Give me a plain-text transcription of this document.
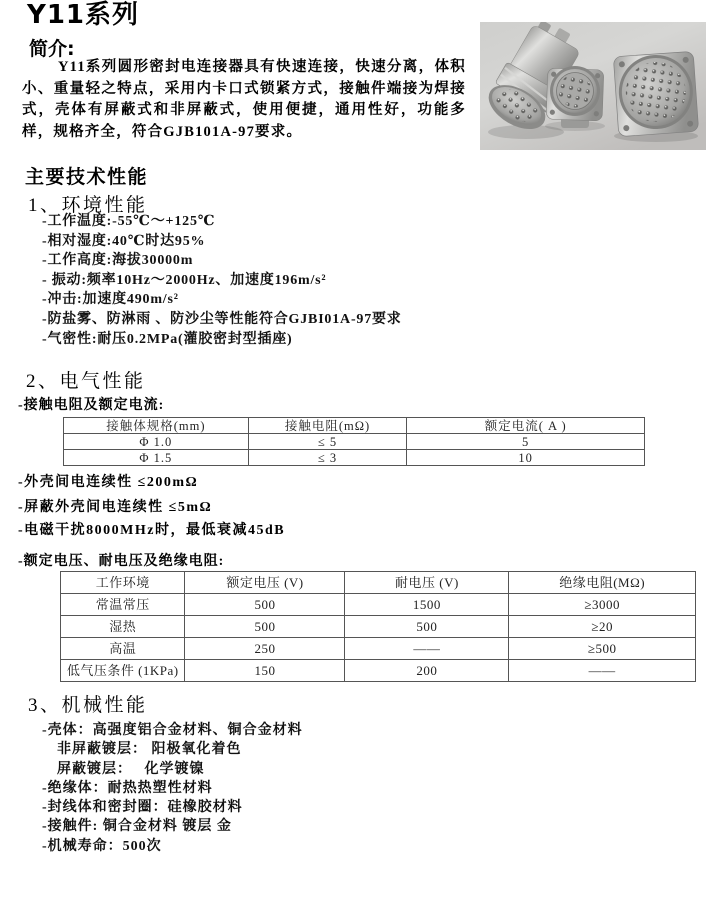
Y11系列
简介:

Y11系列圆形密封电连接器具有快速连接，快速分离，体积小、重量轻之特点，采用内卡口式锁紧方式，接触件端接为焊接式，壳体有屏蔽式和非屏蔽式，使用便捷，通用性好，功能多样，规格齐全，符合GJB101A-97要求。

主要技术性能
1、环境性能
-工作温度:-55℃～+125℃
-相对湿度:40℃时达95%
-工作高度:海拔30000m
- 振动:频率10Hz～2000Hz、加速度196m/s²
-冲击:加速度490m/s²
-防盐雾、防淋雨 、防沙尘等性能符合GJBI01A-97要求
-气密性:耐压0.2MPa(灌胶密封型插座)
2、电气性能
-接触电阻及额定电流:
接触体规格(mm)	接触电阻(mΩ)	额定电流( A )
Φ 1.0	≤ 5	5
Φ 1.5	≤ 3	10
-外壳间电连续性 ≤200mΩ
-屏蔽外壳间电连续性 ≤5mΩ
-电磁干扰8000MHz时，最低衰减45dB
-额定电压、耐电压及绝缘电阻:
工作环境	额定电压 (V)	耐电压 (V)	绝缘电阻(MΩ)
常温常压	500	1500	≥3000
湿热	500	500	≥20
高温	250	——	≥500
低气压条件 (1KPa)	150	200	——
3、机械性能
-壳体：高强度铝合金材料、铜合金材料
　非屏蔽镀层： 阳极氧化着色
　屏蔽镀层：　 化学镀镍
-绝缘体：耐热热塑性材料
-封线体和密封圈：硅橡胶材料
-接触件: 铜合金材料 镀层 金
-机械寿命：500次
